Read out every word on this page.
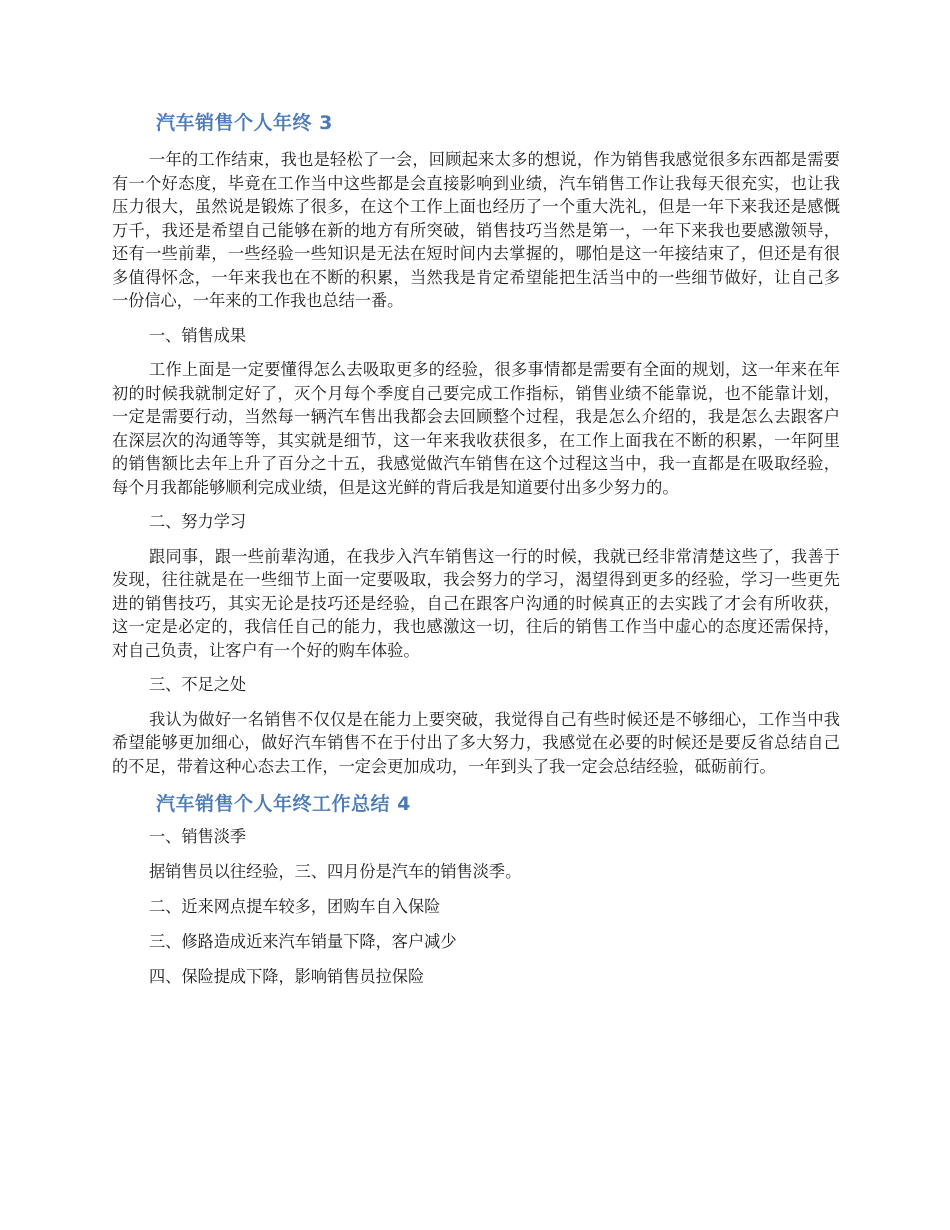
汽车销售个人年终 3

一年的工作结束，我也是轻松了一会，回顾起来太多的想说，作为销售我感觉很多东西都是需要有一个好态度，毕竟在工作当中这些都是会直接影响到业绩，汽车销售工作让我每天很充实，也让我压力很大，虽然说是锻炼了很多，在这个工作上面也经历了一个重大洗礼，但是一年下来我还是感慨万千，我还是希望自己能够在新的地方有所突破，销售技巧当然是第一，一年下来我也要感激领导，还有一些前辈，一些经验一些知识是无法在短时间内去掌握的，哪怕是这一年接结束了，但还是有很多值得怀念，一年来我也在不断的积累，当然我是肯定希望能把生活当中的一些细节做好，让自己多一份信心，一年来的工作我也总结一番。

一、销售成果

工作上面是一定要懂得怎么去吸取更多的经验，很多事情都是需要有全面的规划，这一年来在年初的时候我就制定好了，灭个月每个季度自己要完成工作指标，销售业绩不能靠说，也不能靠计划，一定是需要行动，当然每一辆汽车售出我都会去回顾整个过程，我是怎么介绍的，我是怎么去跟客户在深层次的沟通等等，其实就是细节，这一年来我收获很多，在工作上面我在不断的积累，一年阿里的销售额比去年上升了百分之十五，我感觉做汽车销售在这个过程这当中，我一直都是在吸取经验，每个月我都能够顺利完成业绩，但是这光鲜的背后我是知道要付出多少努力的。

二、努力学习

跟同事，跟一些前辈沟通，在我步入汽车销售这一行的时候，我就已经非常清楚这些了，我善于发现，往往就是在一些细节上面一定要吸取，我会努力的学习，渴望得到更多的经验，学习一些更先进的销售技巧，其实无论是技巧还是经验，自己在跟客户沟通的时候真正的去实践了才会有所收获，这一定是必定的，我信任自己的能力，我也感激这一切，往后的销售工作当中虚心的态度还需保持，对自己负责，让客户有一个好的购车体验。

三、不足之处

我认为做好一名销售不仅仅是在能力上要突破，我觉得自己有些时候还是不够细心，工作当中我希望能够更加细心，做好汽车销售不在于付出了多大努力，我感觉在必要的时候还是要反省总结自己的不足，带着这种心态去工作，一定会更加成功，一年到头了我一定会总结经验，砥砺前行。

汽车销售个人年终工作总结 4

一、销售淡季

据销售员以往经验，三、四月份是汽车的销售淡季。

二、近来网点提车较多，团购车自入保险

三、修路造成近来汽车销量下降，客户减少

四、保险提成下降，影响销售员拉保险
